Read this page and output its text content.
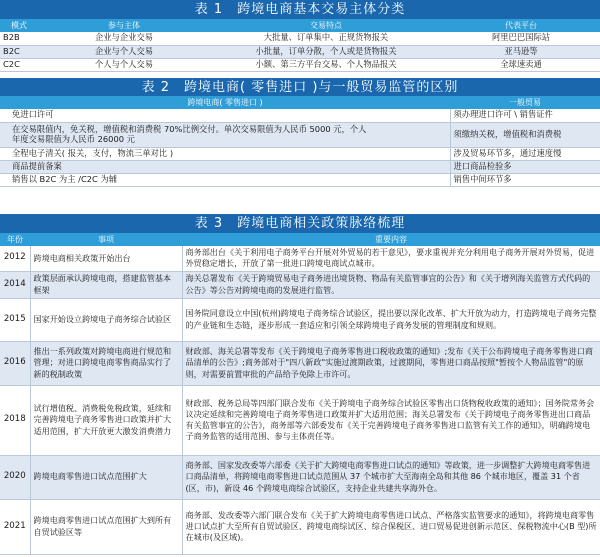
表 1　跨境电商基本交易主体分类
模式	参与主体	交易特点	代表平台
B2B	企业与企业交易	大批量、订单集中、正规货物报关	阿里巴巴国际站
B2C	企业与个人交易	小批量，订单分散，个人或是货物报关	亚马逊等
C2C	个人与个人交易	小额、第三方平台交易、个人物品报关	全球速卖通
表 2　跨境电商( 零售进口 )与一般贸易监管的区别
跨境电商( 零售进口 )	一般贸易
免进口许可	须办理进口许可 \ 销售证件
在交易限值内，免关税，增值税和消费税 70%比例交付。单次交易限值为人民币 5000 元，个人年度交易限值为人民币 26000 元	须缴纳关税，增值税和消费税
全程电子清关( 报关，支付，物流三单对比 )	涉及贸易环节多，通过速度慢
商品提前备案	进口商品检验多
销售以 B2C 为主 /C2C 为辅	销售中间环节多
表 3　跨境电商相关政策脉络梳理
年份	事项	重要内容
2012	跨境电商相关政策开始出台	商务部出台《关于利用电子商务平台开展对外贸易的若干意见》，要求重视并充分利用电子商务开展对外贸易，促进外贸稳定增长，开放了第一批进口跨境电商试点城市。
2014	政策层面承认跨境电商，搭建监管基本框架	海关总署发布《关于跨境贸易电子商务进出境货物、物品有关监管事宜的公告》和《关于增列海关监管方式代码的公告》等公告对跨境电商的发展进行监管。
2015	国家开始设立跨境电子商务综合试验区	国务院同意设立中国(杭州)跨境电子商务综合试验区，提出要以深化改革、扩大开放为动力，打造跨境电子商务完整的产业链和生态链，逐步形成一套适应和引领全球跨境电子商务发展的管理制度和规则。
2016	推出一系列政策对跨境电商进行规范和管理；对进口跨境电商零售商品实行了新的税制政策	财政部、海关总署等发布《关于跨境电子商务零售进口税收政策的通知》;发布《关于公布跨境电子商务零售进口商品清单的公告》;商务部对于"四八新政"实施过渡期政策，过渡期间，零售进口商品按照"暂按个人物品监管"的原则，对需要前置审批的产品给予免除上市许可。
2018	试行增值税、消费税免税政策，延续和完善跨境电子商务零售进口政策并扩大适用范围，扩大开放更大激发消费潜力	财政部、税务总局等四部门联合发布《关于跨境电子商务综合试验区零售出口货物税收政策的通知》；国务院常务会议决定延续和完善跨境电子商务零售进口政策并扩大适用范围；海关总署发布《关于跨境电子商务零售进出口商品有关监管事宜的公告》，商务部等六部委发布《关于完善跨境电子商务零售进口监管有关工作的通知》，明确跨境电子商务监管的适用范围、参与主体责任等。
2020	跨境电商零售进口试点范围扩大	商务部、国家发改委等六部委《关于扩大跨境电商零售进口试点的通知》等政策，进一步调整扩大跨境电商零售进口商品清单，将跨境电商零售进口试点范围从 37 个城市扩大至海南全岛和其他 86 个城市地区，覆盖 31 个省(区，市)，新设 46 个跨境电商综合试验区，支持企业共建共享海外仓。
2021	跨境电商零售进口试点范围扩大到所有自贸试验区等	商务部、发改委等六部门联合发布《关于扩大跨境电商零售进口试点、严格落实监管要求的通知》，将跨境电商零售进口试点扩大至所有自贸试验区、跨境电商综试区、综合保税区、进口贸易促进创新示范区、保税物流中心(B 型)所在城市(及区域)。
